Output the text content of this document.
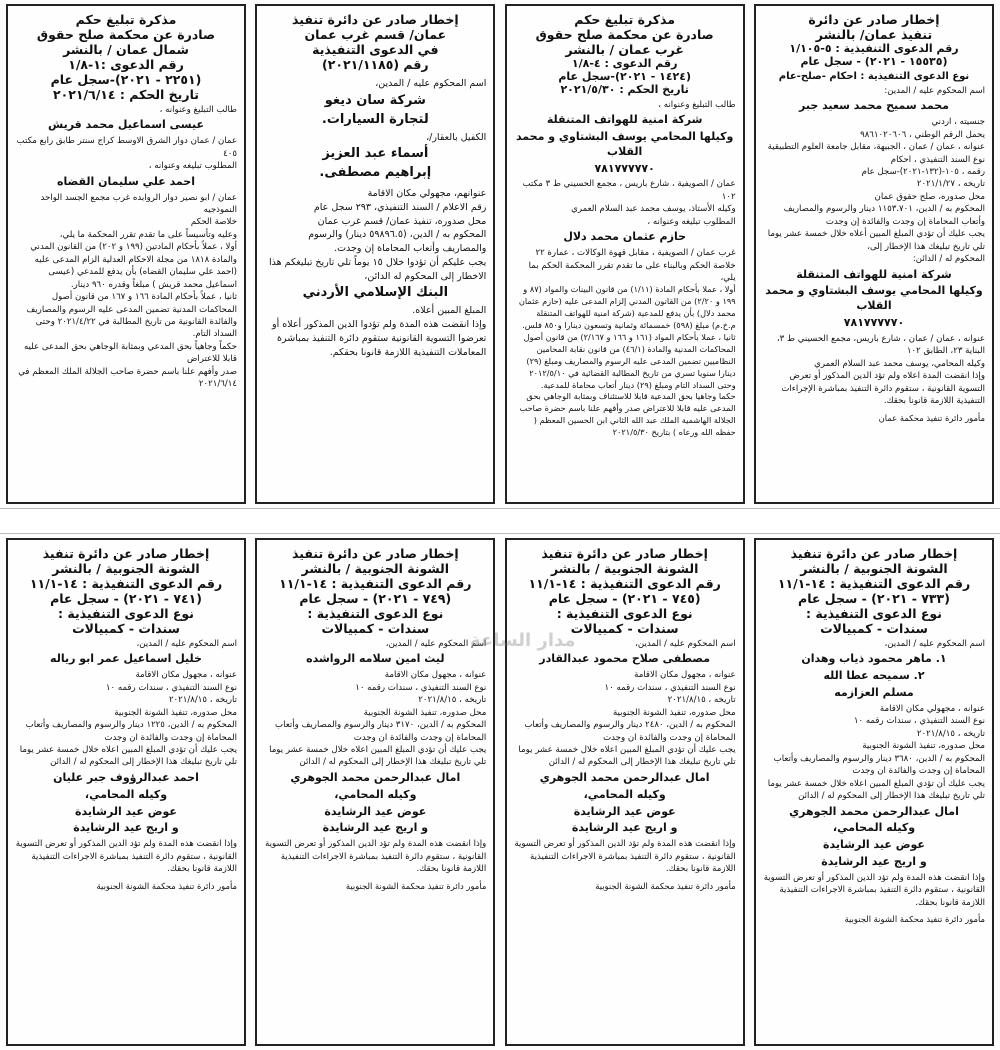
إخطار صادر عن دائرة
تنفيذ عمان/ بالنشر
رقم الدعوى التنفيذية : ٥-١/١٠٥
(١٥٥٣٥ - ٢٠٢١) - سجل عام
نوع الدعوى التنفيذية : احكام -صلح-عام
اسم المحكوم عليه / المدين:
محمد سميح محمد سعيد جبر
جنسيته ، اردني
يحمل الرقم الوطني ، ٩٨٦١٠٢٠٦٠٦
عنوانه ، عمان / عمان ، الجبيهة، مقابل جامعة العلوم التطبيقية
نوع السند التنفيذي ، احكام
رقمه ، ١٠٥-(١٣٢-٢٠٢١)-سجل عام
تاريخه ، ٢٠٢١/١/٢٧
محل صدوره، صلح حقوق عمان
المحكوم به / الدين، ١١٥٣.٧٠١ دينار والرسوم والمصاريف وأتعاب المحاماة إن وجدت والفائدة إن وجدت
يجب عليك أن تؤدي المبلغ المبين أعلاه خلال خمسة عشر يوما تلي تاريخ تبليغك هذا الإخطار إلى،
المحكوم له / الدائن:
شركة امنية للهواتف المتنقلة
وكيلها المحامي يوسف البشتاوي و محمد القلاب
٧٨١٧٧٧٧٧٠
عنوانه ، عمان / عمان ، شارع باريس، مجمع الحسيني ط ٣، البناية ٢٣، الطابق ١٠٢
وكيله المحامي، يوسف محمد عبد السلام العمري
وإذا انقضت المدة اعلاه ولم تؤد الدين المذكور أو تعرض التسوية القانونية ، ستقوم دائرة التنفيذ بمباشرة الإجراءات التنفيذية اللازمة قانونا بحقك.
مأمور دائرة تنفيذ محكمة عمان
مذكرة تبليغ حكم
صادرة عن محكمة صلح حقوق
غرب عمان / بالنشر
رقم الدعوى : ٤-١/٨
(١٤٢٤ - ٢٠٢١)-سجل عام
تاريخ الحكم : ٢٠٢١/٥/٣٠
طالب التبليغ وعنوانه ،
شركة امنية للهواتف المتنقلة
وكيلها المحامي يوسف البشتاوي و محمد القلاب
٧٨١٧٧٧٧٧٠
عمان / الصويفية ، شارع باريس ، مجمع الحسيني ط ٣ مكتب ١٠٢
وكيله الأستاذ، يوسف محمد عبد السلام العمري
المطلوب تبليغه وعنوانه ،
حازم عثمان محمد دلال
غرب عمان / الصويفية ، مقابل قهوة الوكالات ، عمارة ٢٢
خلاصة الحكم وبالبناء على ما تقدم تقرر المحكمة الحكم بما يلي،
أولا ، عملا بأحكام المادة (١/١١) من قانون البينات والمواد (٨٧ و ١٩٩ و ٢/٢٠) من القانون المدني إلزام المدعى عليه (حازم عثمان محمد دلال) بأن يدفع للمدعية (شركة امنية للهواتف المتنقلة م.خ.م) مبلغ (٥٩٨) خمسمائة وثمانية وتسعون دينارا و٨٥٠ فلس.
ثانيا ، عملا بأحكام المواد (١٦١ و ١٦٦ و ٢/١٦٧) من قانون أصول المحاكمات المدنية والمادة (٤٦/١) من قانون نقابة المحامين النظاميين تضمين المدعى عليه الرسوم والمصاريف ومبلغ (٢٩) دينارا سنويا تسري من تاريخ المطالبة القضائية في ٢٠١٢/٥/١٠ وحتى السداد التام ومبلغ (٢٩) دينار أتعاب محاماة للمدعية.
حكما وجاهيا بحق المدعية قابلا للاستئناف وبمثابة الوجاهي بحق المدعى عليه قابلا للاعتراض صدر وأفهم علنا باسم حضرة صاحب الجلالة الهاشمية الملك عبد الله الثاني ابن الحسين المعظم ( حفظه الله ورعاه ) بتاريخ ٢٠٢١/٥/٣٠
إخطار صادر عن دائرة تنفيذ
عمان/ قسم غرب عمان
في الدعوى التنفيذية
رقم (٢٠٢١/١١٨٥)
اسم المحكوم عليه / المدين،
شركة سان ديغو
لتجارة السيارات.
الكفيل بالعقار/،
أسماء عبد العزيز
إبراهيم مصطفى.
عنوانهم، مجهولي مكان الاقامة
رقم الاعلام / السند التنفيذي، ٢٩٣ سجل عام
محل صدوره، تنفيذ عمان/ قسم غرب عمان
المحكوم به / الدين، (٥٩٨٩٦.٥ دينار) والرسوم والمصاريف وأتعاب المحاماة إن وجدت.
يجب عليكم أن تؤدوا خلال ١٥ يوماً تلي تاريخ تبليغكم هذا الاخطار إلى المحكوم له الدائن،
البنك الإسلامي الأردني
المبلغ المبين أعلاه.
وإذا انقضت هذه المدة ولم تؤدوا الدين المذكور أعلاه أو تعرضوا التسوية القانونية ستقوم دائرة التنفيذ بمباشرة المعاملات التنفيذية اللازمة قانونا بحقكم.
مذكرة تبليغ حكم
صادرة عن محكمة صلح حقوق
شمال عمان / بالنشر
رقم الدعوى :١-١/٨
(٢٢٥١ - ٢٠٢١)-سجل عام
تاريخ الحكم : ٢٠٢١/٦/١٤
طالب التبليغ وعنوانه ،
عيسى اسماعيل محمد قريش
عمان / عمان دوار الشرق الاوسط كراج سنتر طابق رابع مكتب ٤٠٥
المطلوب تبليغه وعنوانه ،
احمد علي سليمان القضاه
عمان / ابو نصير دوار الروابده غرب مجمع الجسد الواحد النموذجيه
خلاصة الحكم
وعليه وتأسيساً على ما تقدم تقرر المحكمة ما يلي،
أولا ، عملاً بأحكام المادتين (١٩٩ و ٢٠٢) من القانون المدني والمادة ١٨١٨ من مجلة الاحكام العدلية الزام المدعى عليه (احمد علي سليمان القضاه) بأن يدفع للمدعي (عيسى اسماعيل محمد قريش ) مبلغاً وقدره ٩٦٠ دينار.
ثانيا ، عملاً بأحكام المادة ١٦٦ و ١٦٧ من قانون أصول المحاكمات المدنية تضمين المدعى عليه الرسوم والمصاريف والفائدة القانونية من تاريخ المطالبة في ٢٠٢١/٤/٢٢ وحتى السداد التام.
حكماً وجاهياً بحق المدعي وبمثابة الوجاهي بحق المدعى عليه قابلا للاعتراض
صدر وأفهم علنا باسم حضرة صاحب الجلالة الملك المعظم في ٢٠٢١/٦/١٤
إخطار صادر عن دائرة تنفيذ
الشونة الجنوبية / بالنشر
رقم الدعوى التنفيذية : ١٤-١١/١
(٧٣٣ - ٢٠٢١) - سجل عام
نوع الدعوى التنفيذية :
سندات - كمبيالات
اسم المحكوم عليه / المدين،
١. ماهر محمود ذياب وهدان
٢. سميحه عطا الله
مسلم العزازمه
عنوانه ، مجهولي مكان الاقامة
نوع السند التنفيذي ، سندات رقمه ١٠
تاريخه ، ٢٠٢١/٨/١٥
محل صدوره، تنفيذ الشونة الجنوبية
المحكوم به / الدين، ٣٦٨٠ دينار والرسوم والمصاريف وأتعاب المحاماة إن وجدت والفائدة ان وجدت
يجب عليك أن تؤدي المبلغ المبين اعلاه خلال خمسة عشر يوما تلي تاريخ تبليغك هذا الإخطار إلى المحكوم له / الدائن
امال عبدالرحمن محمد الجوهري
وكيله المحامي،
عوض عيد الرشايدة
و اريج عيد الرشايدة
وإذا انقضت هذه المدة ولم تؤد الدين المذكور أو تعرض التسوية القانونية ، ستقوم دائرة التنفيذ بمباشرة الاجراءات التنفيذية اللازمة قانونا بحقك.
مأمور دائرة تنفيذ محكمة الشونة الجنوبية
إخطار صادر عن دائرة تنفيذ
الشونة الجنوبية / بالنشر
رقم الدعوى التنفيذية : ١٤-١١/١
(٧٤٥ - ٢٠٢١) - سجل عام
نوع الدعوى التنفيذية :
سندات - كمبيالات
اسم المحكوم عليه / المدين،
مصطفى صلاح محمود عبدالقادر
عنوانه ، مجهول مكان الاقامة
نوع السند التنفيذي ، سندات رقمه ١٠
تاريخه ، ٢٠٢١/٨/١٥
محل صدوره، تنفيذ الشونة الجنوبية
المحكوم به / الدين، ٢٤٨٠ دينار والرسوم والمصاريف وأتعاب المحاماة إن وجدت والفائدة ان وجدت
يجب عليك أن تؤدي المبلغ المبين اعلاه خلال خمسة عشر يوما تلي تاريخ تبليغك هذا الإخطار إلى المحكوم له / الدائن
امال عبدالرحمن محمد الجوهري
وكيله المحامي،
عوض عيد الرشايدة
و اريج عيد الرشايدة
وإذا انقضت هذه المدة ولم تؤد الدين المذكور أو تعرض التسوية القانونية ، ستقوم دائرة التنفيذ بمباشرة الاجراءات التنفيذية اللازمة قانونا بحقك.
مأمور دائرة تنفيذ محكمة الشونة الجنوبية
إخطار صادر عن دائرة تنفيذ
الشونة الجنوبية / بالنشر
رقم الدعوى التنفيذية : ١٤-١١/١
(٧٤٩ - ٢٠٢١) - سجل عام
نوع الدعوى التنفيذية :
سندات - كمبيالات
اسم المحكوم عليه / المدين،
ليث امين سلامه الرواشده
عنوانه ، مجهول مكان الاقامة
نوع السند التنفيذي ، سندات رقمه ١٠
تاريخه ، ٢٠٢١/٨/١٥
محل صدوره، تنفيذ الشونة الجنوبية
المحكوم به / الدين، ٣١٧٠ دينار والرسوم والمصاريف وأتعاب المحاماة إن وجدت والفائدة ان وجدت
يجب عليك أن تؤدي المبلغ المبين اعلاه خلال خمسة عشر يوما تلي تاريخ تبليغك هذا الإخطار إلى المحكوم له / الدائن
امال عبدالرحمن محمد الجوهري
وكيله المحامي،
عوض عيد الرشايدة
و اريج عيد الرشايدة
وإذا انقضت هذه المدة ولم تؤد الدين المذكور أو تعرض التسوية القانونية ، ستقوم دائرة التنفيذ بمباشرة الاجراءات التنفيذية اللازمة قانونا بحقك.
مأمور دائرة تنفيذ محكمة الشونة الجنوبية
إخطار صادر عن دائرة تنفيذ
الشونة الجنوبية / بالنشر
رقم الدعوى التنفيذية : ١٤-١١/١
(٧٤١ - ٢٠٢١) - سجل عام
نوع الدعوى التنفيذية :
سندات - كمبيالات
اسم المحكوم عليه / المدين،
خليل اسماعيل عمر ابو رياله
عنوانه ، مجهول مكان الاقامة
نوع السند التنفيذي ، سندات رقمه ١٠
تاريخه ، ٢٠٢١/٨/١٥
محل صدوره، تنفيذ الشونة الجنوبية
المحكوم به / الدين، ١٢٢٥ دينار والرسوم والمصاريف وأتعاب المحاماة إن وجدت والفائدة ان وجدت
يجب عليك أن تؤدي المبلغ المبين اعلاه خلال خمسة عشر يوما تلي تاريخ تبليغك هذا الإخطار إلى المحكوم له / الدائن
احمد عبدالرؤوف جبر عليان
وكيله المحامي،
عوض عيد الرشايدة
و اريج عيد الرشايدة
وإذا انقضت هذه المدة ولم تؤد الدين المذكور أو تعرض التسوية القانونية ، ستقوم دائرة التنفيذ بمباشرة الاجراءات التنفيذية اللازمة قانونا بحقك.
مأمور دائرة تنفيذ محكمة الشونة الجنوبية
مدار الساعة
